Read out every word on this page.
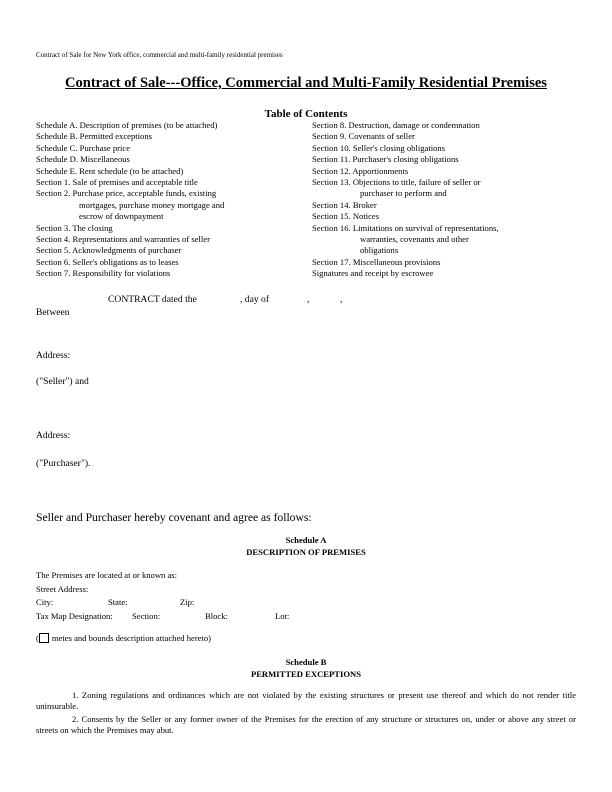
Contract of Sale for New York office, commercial and multi-family residential premises
Contract of Sale---Office, Commercial and Multi-Family Residential Premises
Table of Contents
Schedule A. Description of premises (to be attached)
Schedule B. Permitted exceptions
Schedule C. Purchase price
Schedule D. Miscellaneous
Schedule E. Rent schedule (to be attached)
Section 1. Sale of premises and acceptable title
Section 2. Purchase price, acceptable funds, existing
mortgages, purchase money mortgage and
escrow of downpayment
Section 3. The closing
Section 4. Representations and warranties of seller
Section 5. Acknowledgments of purchaser
Section 6. Seller's obligations as to leases
Section 7. Responsibility for violations
Section 8. Destruction, damage or condemnation
Section 9. Covenants of seller
Section 10. Seller's closing obligations
Section 11. Purchaser's closing obligations
Section 12. Apportionments
Section 13. Objections to title, failure of seller or
purchaser to perform and
Section 14. Broker
Section 15. Notices
Section 16. Limitations on survival of representations,
warranties, covenants and other
obligations
Section 17. Miscellaneous provisions
Signatures and receipt by escrowee
CONTRACT dated the	, day of	,	,
Between
Address:
("Seller") and
Address:
("Purchaser").
Seller and Purchaser hereby covenant and agree as follows:
Schedule A
DESCRIPTION OF PREMISES
The Premises are located at or known as:
Street Address:
City:	State:	Zip:
Tax Map Designation: Section:	Block:	Lot:
( metes and bounds description attached hereto)
Schedule B
PERMITTED EXCEPTIONS
1. Zoning regulations and ordinances which are not violated by the existing structures or present use thereof and which do not render title uninsurable.
2. Consents by the Seller or any former owner of the Premises for the erection of any structure or structures on, under or above any street or streets on which the Premises may abut.
